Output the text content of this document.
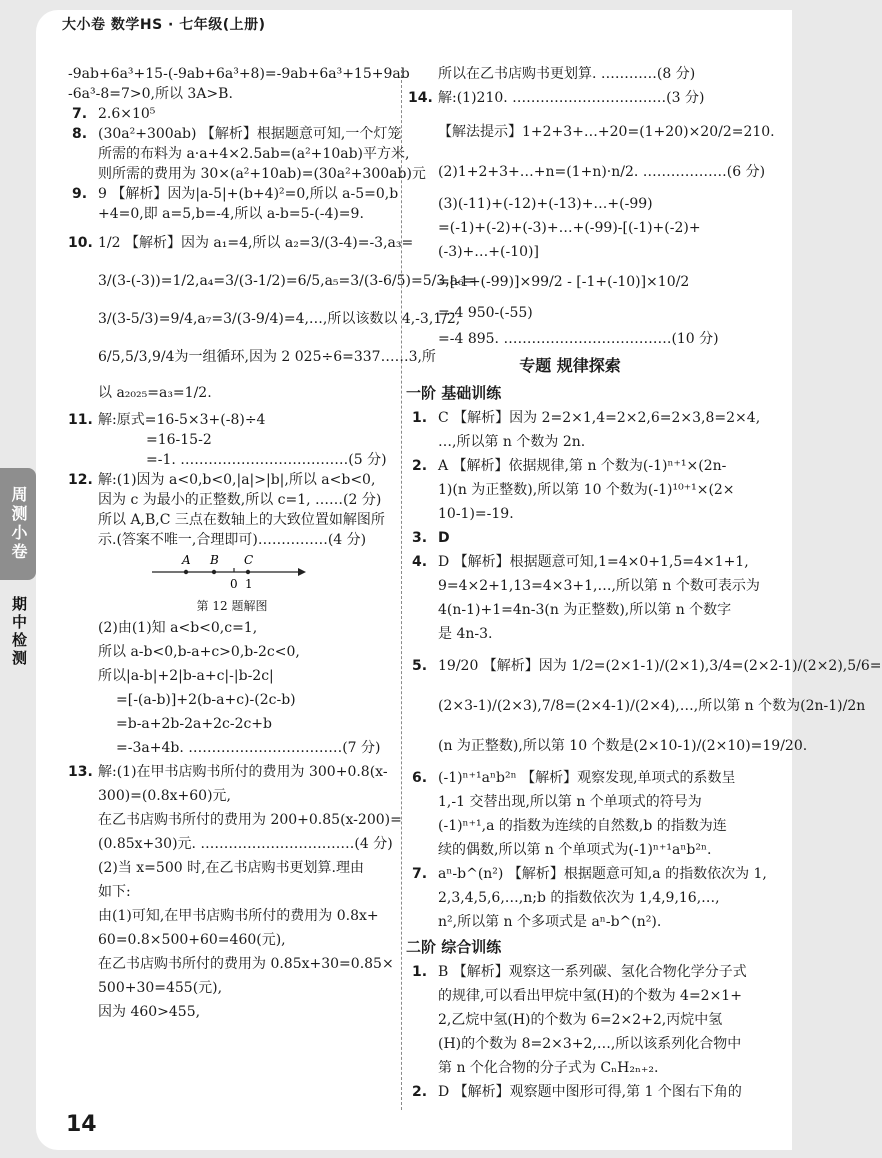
大小卷 数学HS · 七年级(上册)
周测小卷
期中检测
-9ab+6a³+15-(-9ab+6a³+8)=-9ab+6a³+15+9ab
-6a³-8=7>0,所以 3A>B.
7. 2.6×10⁵
8. (30a²+300ab) 【解析】根据题意可知,一个灯笼
所需的布料为 a·a+4×2.5ab=(a²+10ab)平方米,
则所需的费用为 30×(a²+10ab)=(30a²+300ab)元
9. 9 【解析】因为|a-5|+(b+4)²=0,所以 a-5=0,b
+4=0,即 a=5,b=-4,所以 a-b=5-(-4)=9.
10. 1/2 【解析】因为 a₁=4,所以 a₂=3/(3-4)=-3,a₃=
3/(3-(-3))=1/2,a₄=3/(3-1/2)=6/5,a₅=3/(3-6/5)=5/3,a₆=
3/(3-5/3)=9/4,a₇=3/(3-9/4)=4,…,所以该数以 4,-3,1/2,
6/5,5/3,9/4为一组循环,因为 2 025÷6=337……3,所
以 a₂₀₂₅=a₃=1/2.
11. 解:原式=16-5×3+(-8)÷4
=16-15-2
=-1. ………………………………(5 分)
12. 解:(1)因为 a<0,b<0,|a|>|b|,所以 a<b<0,
因为 c 为最小的正整数,所以 c=1, ……(2 分)
所以 A,B,C 三点在数轴上的大致位置如解图所
示.(答案不唯一,合理即可)……………(4 分)
A B C
0 1
第 12 题解图
(2)由(1)知 a<b<0,c=1,
所以 a-b<0,b-a+c>0,b-2c<0,
所以|a-b|+2|b-a+c|-|b-2c|
=[-(a-b)]+2(b-a+c)-(2c-b)
=b-a+2b-2a+2c-2c+b
=-3a+4b. ……………………………(7 分)
13. 解:(1)在甲书店购书所付的费用为 300+0.8(x-
300)=(0.8x+60)元,
在乙书店购书所付的费用为 200+0.85(x-200)=
(0.85x+30)元. ……………………………(4 分)
(2)当 x=500 时,在乙书店购书更划算.理由
如下:
由(1)可知,在甲书店购书所付的费用为 0.8x+
60=0.8×500+60=460(元),
在乙书店购书所付的费用为 0.85x+30=0.85×
500+30=455(元),
因为 460>455,
所以在乙书店购书更划算. …………(8 分)
14. 解:(1)210. ……………………………(3 分)
【解法提示】1+2+3+…+20=(1+20)×20/2=210.
(2)1+2+3+…+n=(1+n)·n/2. ………………(6 分)
(3)(-11)+(-12)+(-13)+…+(-99)
=(-1)+(-2)+(-3)+…+(-99)-[(-1)+(-2)+
(-3)+…+(-10)]
=[-1+(-99)]×99/2 - [-1+(-10)]×10/2
=-4 950-(-55)
=-4 895. ………………………………(10 分)
专题 规律探索
一阶 基础训练
1. C 【解析】因为 2=2×1,4=2×2,6=2×3,8=2×4,
…,所以第 n 个数为 2n.
2. A 【解析】依据规律,第 n 个数为(-1)ⁿ⁺¹×(2n-
1)(n 为正整数),所以第 10 个数为(-1)¹⁰⁺¹×(2×
10-1)=-19.
3. D
4. D 【解析】根据题意可知,1=4×0+1,5=4×1+1,
9=4×2+1,13=4×3+1,…,所以第 n 个数可表示为
4(n-1)+1=4n-3(n 为正整数),所以第 n 个数字
是 4n-3.
5. 19/20 【解析】因为 1/2=(2×1-1)/(2×1),3/4=(2×2-1)/(2×2),5/6=
(2×3-1)/(2×3),7/8=(2×4-1)/(2×4),…,所以第 n 个数为(2n-1)/2n
(n 为正整数),所以第 10 个数是(2×10-1)/(2×10)=19/20.
6. (-1)ⁿ⁺¹aⁿb²ⁿ 【解析】观察发现,单项式的系数呈
1,-1 交替出现,所以第 n 个单项式的符号为
(-1)ⁿ⁺¹,a 的指数为连续的自然数,b 的指数为连
续的偶数,所以第 n 个单项式为(-1)ⁿ⁺¹aⁿb²ⁿ.
7. aⁿ-b^(n²) 【解析】根据题意可知,a 的指数依次为 1,
2,3,4,5,6,…,n;b 的指数依次为 1,4,9,16,…,
n²,所以第 n 个多项式是 aⁿ-b^(n²).
二阶 综合训练
1. B 【解析】观察这一系列碳、氢化合物化学分子式
的规律,可以看出甲烷中氢(H)的个数为 4=2×1+
2,乙烷中氢(H)的个数为 6=2×2+2,丙烷中氢
(H)的个数为 8=2×3+2,…,所以该系列化合物中
第 n 个化合物的分子式为 CₙH₂ₙ₊₂.
2. D 【解析】观察题中图形可得,第 1 个图右下角的
14
